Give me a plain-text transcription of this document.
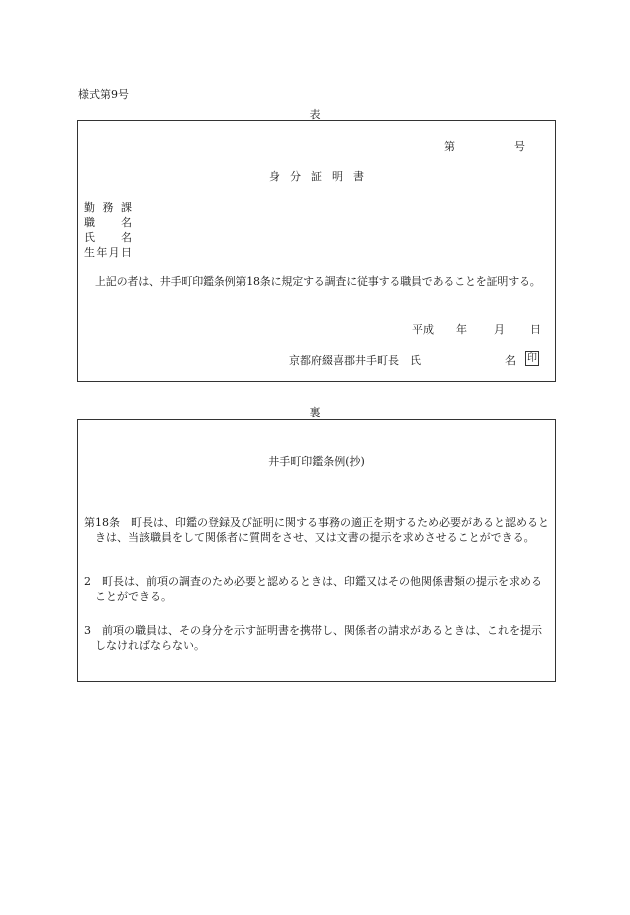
様式第9号
表
第	号
身分証明書
勤務課
職名
氏名
生年月日
上記の者は、井手町印鑑条例第18条に規定する調査に従事する職員であることを証明する。
平成 年 月 日
京都府綴喜郡井手町長　氏	名 印
裏
井手町印鑑条例(抄)
第18条　町長は、印鑑の登録及び証明に関する事務の適正を期するため必要があると認めるときは、当該職員をして関係者に質問をさせ、又は文書の提示を求めさせることができる。
2　町長は、前項の調査のため必要と認めるときは、印鑑又はその他関係書類の提示を求めることができる。
3　前項の職員は、その身分を示す証明書を携帯し、関係者の請求があるときは、これを提示しなければならない。
